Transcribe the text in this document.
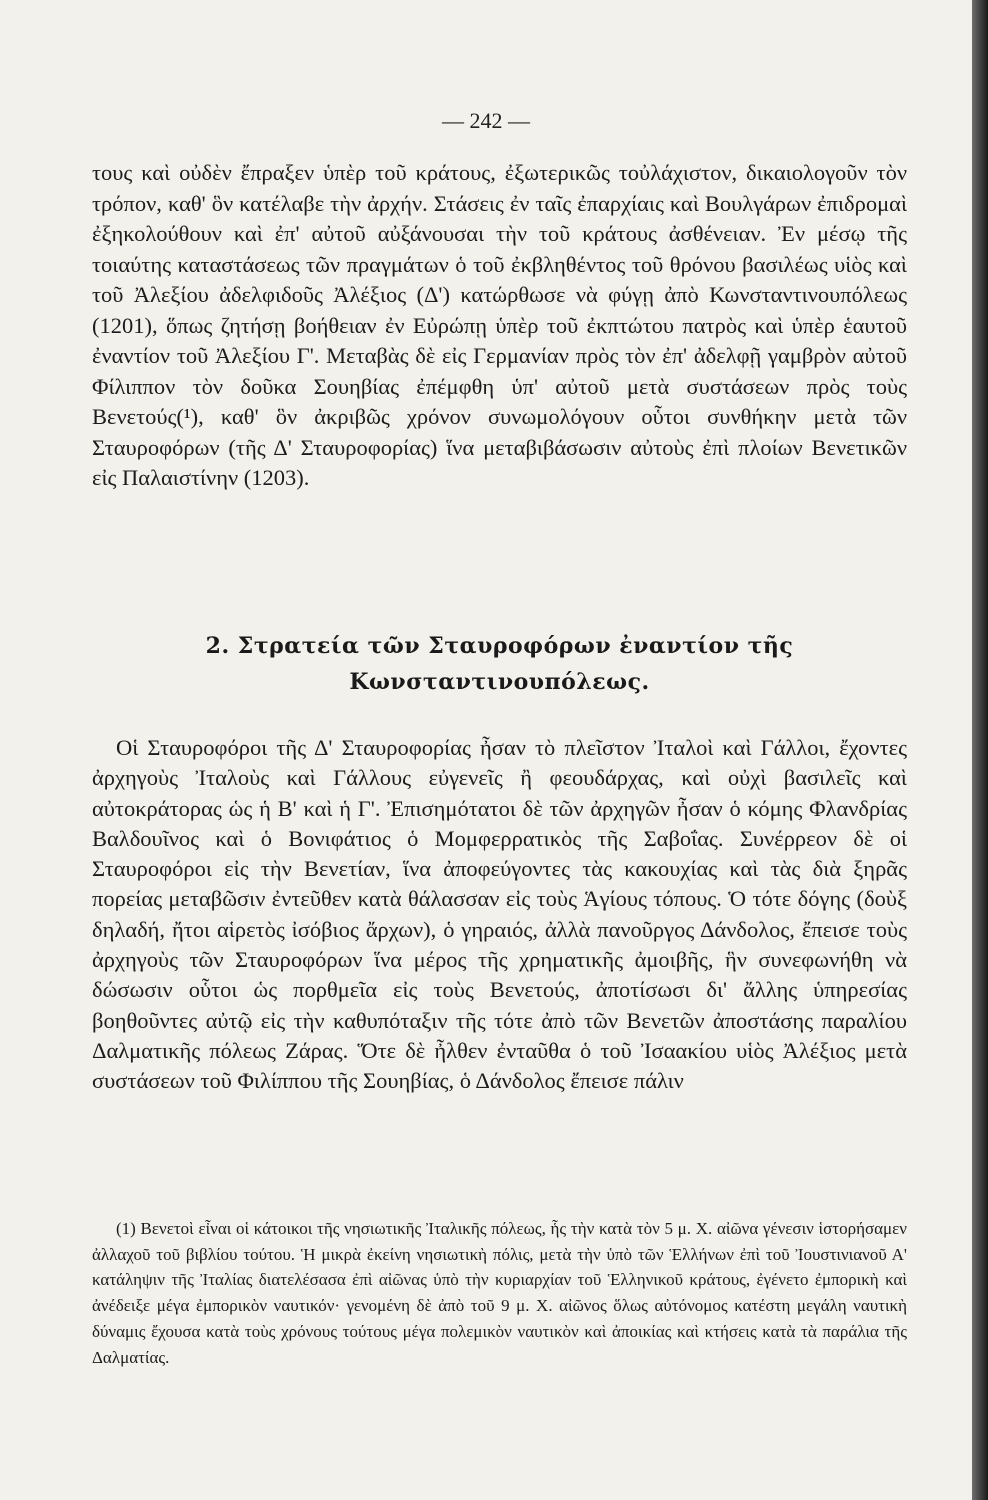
— 242 —

τους καὶ οὐδὲν ἔπραξεν ὑπὲρ τοῦ κράτους, ἐξωτερικῶς τοὐλάχιστον, δικαιολογοῦν τὸν τρόπον, καθ' ὃν κατέλαβε τὴν ἀρχήν. Στάσεις ἐν ταῖς ἐπαρχίαις καὶ Βουλγάρων ἐπιδρομαὶ ἐξηκολούθουν καὶ ἐπ' αὐτοῦ αὐξάνουσαι τὴν τοῦ κράτους ἀσθένειαν. Ἐν μέσῳ τῆς τοιαύτης καταστάσεως τῶν πραγμάτων ὁ τοῦ ἐκβληθέντος τοῦ θρόνου βασιλέως υἱὸς καὶ τοῦ Ἀλεξίου ἀδελφιδοῦς Ἀλέξιος (Δ') κατώρθωσε νὰ φύγῃ ἀπὸ Κωνσταντινουπόλεως (1201), ὅπως ζητήσῃ βοήθειαν ἐν Εὐρώπῃ ὑπὲρ τοῦ ἐκπτώτου πατρὸς καὶ ὑπὲρ ἑαυτοῦ ἐναντίον τοῦ Ἀλεξίου Γ'. Μεταβὰς δὲ εἰς Γερμανίαν πρὸς τὸν ἐπ' ἀδελφῇ γαμβρὸν αὐτοῦ Φίλιππον τὸν δοῦκα Σουηβίας ἐπέμφθη ὑπ' αὐτοῦ μετὰ συστάσεων πρὸς τοὺς Βενετούς(¹), καθ' ὃν ἀκριβῶς χρόνον συνωμολόγουν οὗτοι συνθήκην μετὰ τῶν Σταυροφόρων (τῆς Δ' Σταυροφορίας) ἵνα μεταβιβάσωσιν αὐτοὺς ἐπὶ πλοίων Βενετικῶν εἰς Παλαιστίνην (1203).

2. Στρατεία τῶν Σταυροφόρων ἐναντίον τῆς
Κωνσταντινουπόλεως.

Οἱ Σταυροφόροι τῆς Δ' Σταυροφορίας ἦσαν τὸ πλεῖστον Ἰταλοὶ καὶ Γάλλοι, ἔχοντες ἀρχηγοὺς Ἰταλοὺς καὶ Γάλλους εὐγενεῖς ἢ φεουδάρχας, καὶ οὐχὶ βασιλεῖς καὶ αὐτοκράτορας ὡς ἡ Β' καὶ ἡ Γ'. Ἐπισημότατοι δὲ τῶν ἀρχηγῶν ἦσαν ὁ κόμης Φλανδρίας Βαλδουῖνος καὶ ὁ Βονιφάτιος ὁ Μομφερρατικὸς τῆς Σαβοΐας. Συνέρρεον δὲ οἱ Σταυροφόροι εἰς τὴν Βενετίαν, ἵνα ἀποφεύγοντες τὰς κακουχίας καὶ τὰς διὰ ξηρᾶς πορείας μεταβῶσιν ἐντεῦθεν κατὰ θάλασσαν εἰς τοὺς Ἁγίους τόπους. Ὁ τότε δόγης (δοὺξ δηλαδή, ἤτοι αἱρετὸς ἰσόβιος ἄρχων), ὁ γηραιός, ἀλλὰ πανοῦργος Δάνδολος, ἔπεισε τοὺς ἀρχηγοὺς τῶν Σταυροφόρων ἵνα μέρος τῆς χρηματικῆς ἀμοιβῆς, ἣν συνεφωνήθη νὰ δώσωσιν οὗτοι ὡς πορθμεῖα εἰς τοὺς Βενετούς, ἀποτίσωσι δι' ἄλλης ὑπηρεσίας βοηθοῦντες αὐτῷ εἰς τὴν καθυπόταξιν τῆς τότε ἀπὸ τῶν Βενετῶν ἀποστάσης παραλίου Δαλματικῆς πόλεως Ζάρας. Ὅτε δὲ ἦλθεν ἐνταῦθα ὁ τοῦ Ἰσαακίου υἱὸς Ἀλέξιος μετὰ συστάσεων τοῦ Φιλίππου τῆς Σουηβίας, ὁ Δάνδολος ἔπεισε πάλιν

(1) Βενετοὶ εἶναι οἱ κάτοικοι τῆς νησιωτικῆς Ἰταλικῆς πόλεως, ἧς τὴν κατὰ τὸν 5 μ. Χ. αἰῶνα γένεσιν ἱστορήσαμεν ἀλλαχοῦ τοῦ βιβλίου τούτου. Ἡ μικρὰ ἐκείνη νησιωτικὴ πόλις, μετὰ τὴν ὑπὸ τῶν Ἑλλήνων ἐπὶ τοῦ Ἰουστινιανοῦ Α' κατάληψιν τῆς Ἰταλίας διατελέσασα ἐπὶ αἰῶνας ὑπὸ τὴν κυριαρχίαν τοῦ Ἑλληνικοῦ κράτους, ἐγένετο ἐμπορικὴ καὶ ἀνέδειξε μέγα ἐμπορικὸν ναυτικόν· γενομένη δὲ ἀπὸ τοῦ 9 μ. Χ. αἰῶνος ὅλως αὐτόνομος κατέστη μεγάλη ναυτικὴ δύναμις ἔχουσα κατὰ τοὺς χρόνους τούτους μέγα πολεμικὸν ναυτικὸν καὶ ἀποικίας καὶ κτήσεις κατὰ τὰ παράλια τῆς Δαλματίας.
